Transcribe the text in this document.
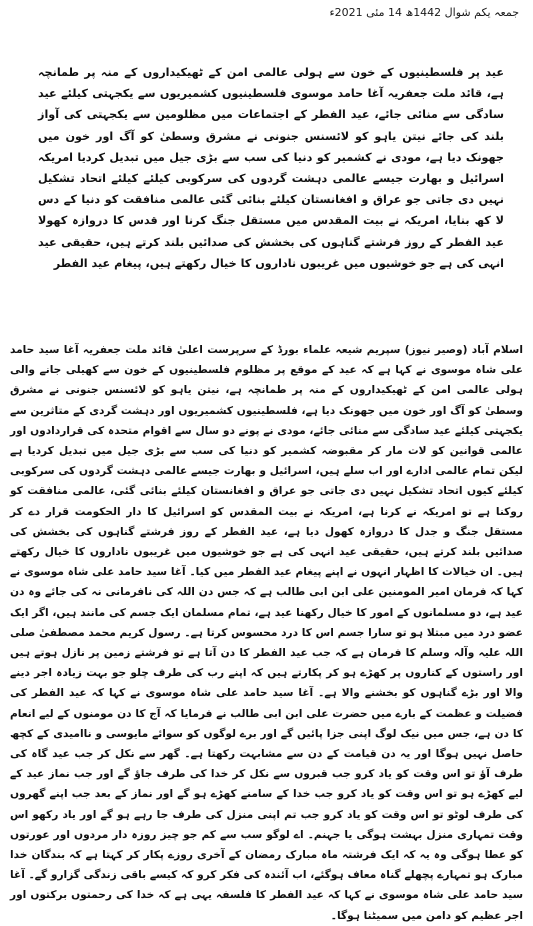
جمعہ یکم شوال 1442ھ 14 مئی 2021ء

عید پر فلسطینیوں کے خون سے ہولی عالمی امن کے ٹھیکیداروں کے منہ پر طمانچہ ہے، قائد ملت جعفریہ آغا حامد موسوی فلسطینیوں کشمیریوں سے یکجہتی کیلئے عید سادگی سے منائی جائے، عید الفطر کے اجتماعات میں مظلومین سے یکجہتی کی آواز بلند کی جائے نیتن یاہو کو لائسنس جنونی نے مشرق وسطیٰ کو آگ اور خون میں جھونک دیا ہے، مودی نے کشمیر کو دنیا کی سب سے بڑی جیل میں تبدیل کردیا امریکہ اسرائیل و بھارت جیسے عالمی دہشت گردوں کی سرکوبی کیلئے کیلئے اتحاد تشکیل نہیں دی جاتی جو عراق و افغانستان کیلئے بنائی گئی عالمی منافقت کو دنیا کے دس لا کھ بنایا، امریکہ نے بیت المقدس میں مستقل جنگ کرنا اور قدس کا دروازہ کھولا عید الفطر کے روز فرشتے گناہوں کی بخشش کی صدائیں بلند کرتے ہیں، حقیقی عید انہی کی ہے جو خوشیوں میں غریبوں ناداروں کا خیال رکھتے ہیں، پیغام عید الفطر

اسلام آباد (وصیر نیوز) سپریم شیعہ علماء بورڈ کے سرپرست اعلیٰ قائد ملت جعفریہ آغا سید حامد علی شاہ موسوی نے کہا ہے کہ عید کے موقع پر مظلوم فلسطینیوں کے خون سے کھیلی جانے والی ہولی عالمی امن کے ٹھیکیداروں کے منہ پر طمانچہ ہے، نیتن یاہو کو لائسنس جنونی نے مشرق وسطیٰ کو آگ اور خون میں جھونک دیا ہے، فلسطینیوں کشمیریوں اور دہشت گردی کے متاثرین سے یکجہتی کیلئے عید سادگی سے منائی جائے، مودی نے پونے دو سال سے اقوام متحدہ کی قراردادوں اور عالمی قوانین کو لات مار کر مقبوضہ کشمیر کو دنیا کی سب سے بڑی جیل میں تبدیل کردیا ہے لیکن تمام عالمی ادارے اور اب سلے ہیں، اسرائیل و بھارت جیسے عالمی دہشت گردوں کی سرکوبی کیلئے کیوں اتحاد تشکیل نہیں دی جاتی جو عراق و افغانستان کیلئے بنائی گئی، عالمی منافقت کو روکنا ہے تو امریکہ نے کرنا ہے، امریکہ نے بیت المقدس کو اسرائیل کا دار الحکومت قرار دے کر مستقل جنگ و جدل کا دروازہ کھول دیا ہے، عید الفطر کے روز فرشتے گناہوں کی بخشش کی صدائیں بلند کرتے ہیں، حقیقی عید انہی کی ہے جو خوشیوں میں غریبوں ناداروں کا خیال رکھتے ہیں۔ ان خیالات کا اظہار انہوں نے اپنے پیغام عید الفطر میں کیا۔ آغا سید حامد علی شاہ موسوی نے کہا کہ فرمان امیر المومنین علی ابن ابی طالب ہے کہ جس دن اللہ کی نافرمانی نہ کی جائے وہ دن عید ہے، دو مسلمانوں کے امور کا خیال رکھنا عید ہے، تمام مسلمان ایک جسم کی مانند ہیں، اگر ایک عضو درد میں مبتلا ہو تو سارا جسم اس کا درد محسوس کرتا ہے۔ رسول کریم محمد مصطفیٰ صلی اللہ علیہ وآلہ وسلم کا فرمان ہے کہ جب عید الفطر کا دن آتا ہے تو فرشتے زمین پر نازل ہوتے ہیں اور راستوں کے کناروں پر کھڑے ہو کر پکارتے ہیں کہ اپنے رب کی طرف چلو جو بہت زیادہ اجر دینے والا اور بڑے گناہوں کو بخشنے والا ہے۔ آغا سید حامد علی شاہ موسوی نے کہا کہ عید الفطر کی فضیلت و عظمت کے بارے میں حضرت علی ابن ابی طالب نے فرمایا کہ آج کا دن مومنوں کے لیے انعام کا دن ہے، جس میں نیک لوگ اپنی جزا پائیں گے اور برے لوگوں کو سوائے مایوسی و ناامیدی کے کچھ حاصل نہیں ہوگا اور یہ دن قیامت کے دن سے مشابہت رکھتا ہے۔ گھر سے نکل کر جب عید گاہ کی طرف آؤ تو اس وقت کو یاد کرو جب قبروں سے نکل کر خدا کی طرف جاؤ گے اور جب نماز عید کے لیے کھڑے ہو تو اس وقت کو یاد کرو جب خدا کے سامنے کھڑے ہو گے اور نماز کے بعد جب اپنے گھروں کی طرف لوٹو تو اس وقت کو یاد کرو جب تم اپنی منزل کی طرف جا رہے ہو گے اور یاد رکھو اس وقت تمہاری منزل بہشت ہوگی یا جہنم۔ اے لوگو سب سے کم جو چیز روزہ دار مردوں اور عورتوں کو عطا ہوگی وہ یہ کہ ایک فرشتہ ماہ مبارک رمضان کے آخری روزے پکار کر کہتا ہے کہ بندگان خدا مبارک ہو تمہارے پچھلے گناہ معاف ہوگئے، اب آئندہ کی فکر کرو کہ کیسے باقی زندگی گزارو گے۔ آغا سید حامد علی شاہ موسوی نے کہا کہ عید الفطر کا فلسفہ یہی ہے کہ خدا کی رحمتوں برکتوں اور اجر عظیم کو دامن میں سمیٹنا ہوگا۔
